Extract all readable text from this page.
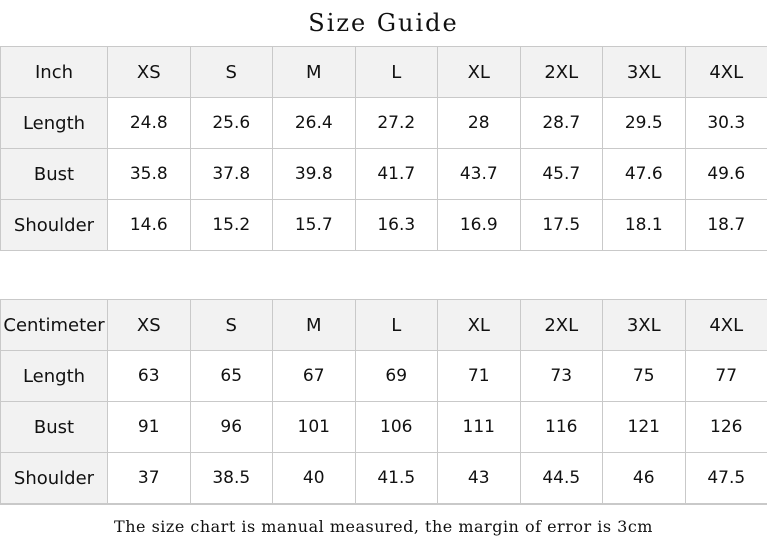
Size Guide
Inch	XS	S	M	L	XL	2XL	3XL	4XL
Length	24.8	25.6	26.4	27.2	28	28.7	29.5	30.3
Bust	35.8	37.8	39.8	41.7	43.7	45.7	47.6	49.6
Shoulder	14.6	15.2	15.7	16.3	16.9	17.5	18.1	18.7
Centimeter	XS	S	M	L	XL	2XL	3XL	4XL
Length	63	65	67	69	71	73	75	77
Bust	91	96	101	106	111	116	121	126
Shoulder	37	38.5	40	41.5	43	44.5	46	47.5
The size chart is manual measured, the margin of error is 3cm
